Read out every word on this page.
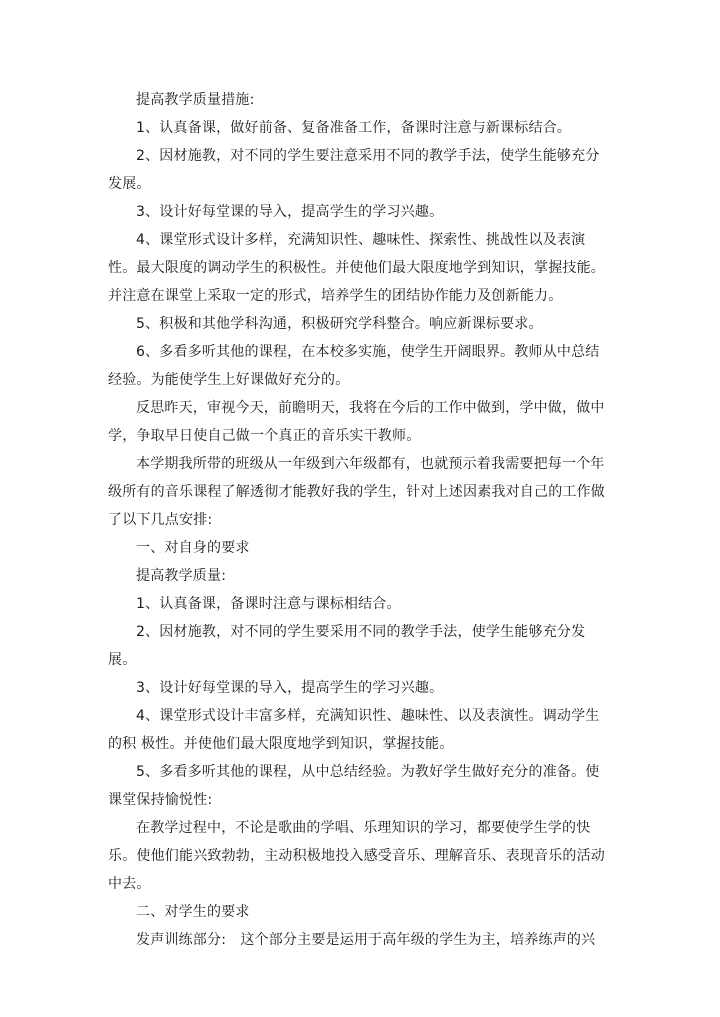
提高教学质量措施:

1、认真备课，做好前备、复备准备工作，备课时注意与新课标结合。

2、因材施教，对不同的学生要注意采用不同的教学手法，使学生能够充分发展。

3、设计好每堂课的导入，提高学生的学习兴趣。

4、课堂形式设计多样，充满知识性、趣味性、探索性、挑战性以及表演性。最大限度的调动学生的积极性。并使他们最大限度地学到知识，掌握技能。并注意在课堂上采取一定的形式，培养学生的团结协作能力及创新能力。

5、积极和其他学科沟通，积极研究学科整合。响应新课标要求。

6、多看多听其他的课程，在本校多实施，使学生开阔眼界。教师从中总结经验。为能使学生上好课做好充分的。

反思昨天，审视今天，前瞻明天，我将在今后的工作中做到，学中做，做中学，争取早日使自己做一个真正的音乐实干教师。

本学期我所带的班级从一年级到六年级都有，也就预示着我需要把每一个年级所有的音乐课程了解透彻才能教好我的学生，针对上述因素我对自己的工作做了以下几点安排:

一、对自身的要求

提高教学质量:

1、认真备课，备课时注意与课标相结合。

2、因材施教，对不同的学生要采用不同的教学手法，使学生能够充分发展。

3、设计好每堂课的导入，提高学生的学习兴趣。

4、课堂形式设计丰富多样，充满知识性、趣味性、以及表演性。调动学生的积 极性。并使他们最大限度地学到知识，掌握技能。

5、多看多听其他的课程，从中总结经验。为教好学生做好充分的准备。使课堂保持愉悦性:

在教学过程中，不论是歌曲的学唱、乐理知识的学习，都要使学生学的快乐。使他们能兴致勃勃，主动积极地投入感受音乐、理解音乐、表现音乐的活动中去。

二、对学生的要求

发声训练部分:　这个部分主要是运用于高年级的学生为主，培养练声的兴
